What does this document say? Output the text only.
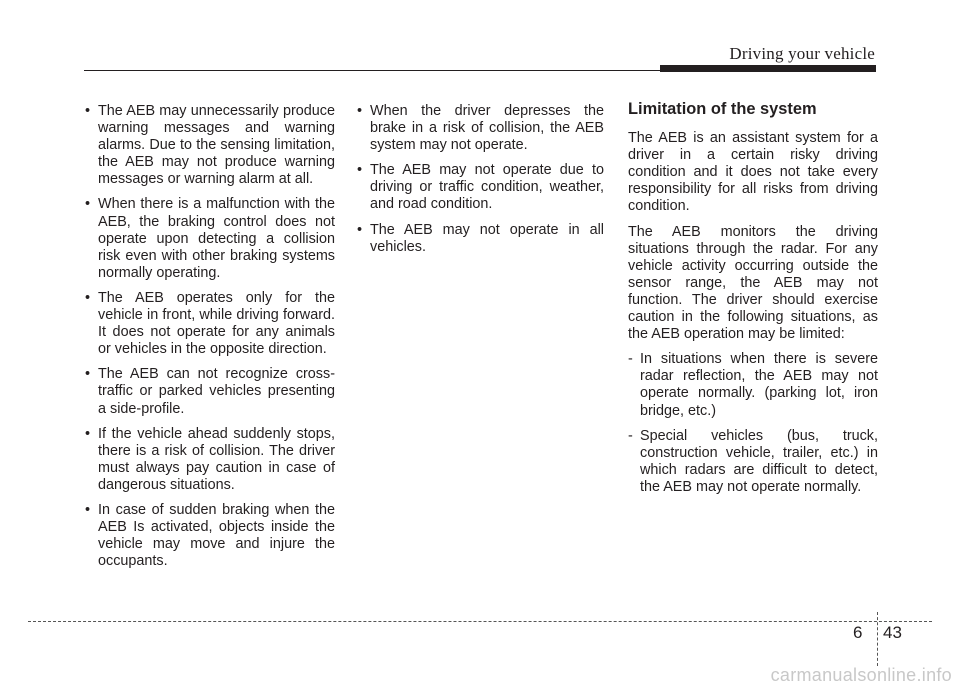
Driving your vehicle
• The AEB may unnecessarily produce warning messages and warning alarms. Due to the sensing limitation, the AEB may not produce warning messages or warning alarm at all.
• When there is a malfunction with the AEB, the braking control does not operate upon detecting a collision risk even with other braking systems normally operating.
• The AEB operates only for the vehicle in front, while driving forward. It does not operate for any animals or vehicles in the opposite direction.
• The AEB can not recognize cross-traffic or parked vehicles presenting a side-profile.
• If the vehicle ahead suddenly stops, there is a risk of collision. The driver must always pay caution in case of dangerous situations.
• In case of sudden braking when the AEB Is activated, objects inside the vehicle may move and injure the occupants.
• When the driver depresses the brake in a risk of collision, the AEB system may not operate.
• The AEB may not operate due to driving or traffic condition, weather, and road condition.
• The AEB may not operate in all vehicles.
Limitation of the system

The AEB is an assistant system for a driver in a certain risky driving condition and it does not take every responsibility for all risks from driving condition.

The AEB monitors the driving situations through the radar. For any vehicle activity occurring outside the sensor range, the AEB may not function. The driver should exercise caution in the following situations, as the AEB operation may be limited:

- In situations when there is severe radar reflection, the AEB may not operate normally. (parking lot, iron bridge, etc.)
- Special vehicles (bus, truck, construction vehicle, trailer, etc.) in which radars are difficult to detect, the AEB may not operate normally.
6 43
carmanualsonline.info
